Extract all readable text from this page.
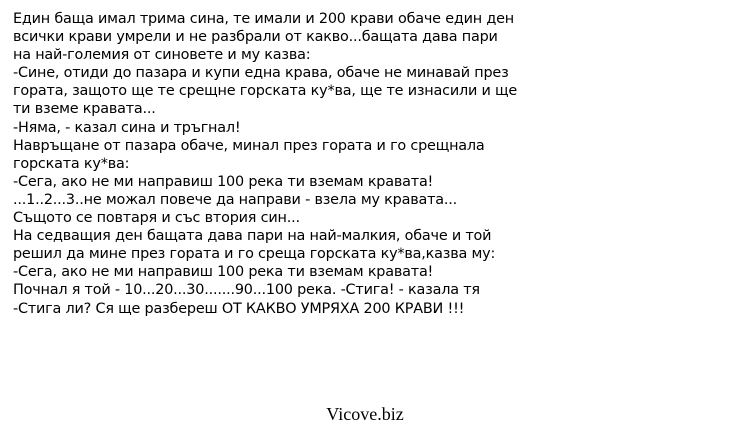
Един баща имал трима сина, те имали и 200 крави обаче един ден
всички крави умрели и не разбрали от какво...бащата дава пари
на най-големия от синовете и му казва:
-Сине, отиди до пазара и купи една крава, обаче не минавай през
гората, защото ще те срещне горската ку*ва, ще те изнасили и ще
ти вземе кравата...
-Няма, - казал сина и тръгнал!
Навръщане от пазара обаче, минал през гората и го срещнала
горската ку*ва:
-Сега, ако не ми направиш 100 река ти вземам кравата!
...1..2...3..не можал повече да направи - взела му кравата...
Същото се повтаря и със втория син...
На седващия ден бащата дава пари на най-малкия, обаче и той
решил да мине през гората и го среща горската ку*ва,казва му:
-Сега, ако не ми направиш 100 река ти вземам кравата!
Почнал я той - 10...20...30.......90...100 река. -Стига! - казала тя
-Стига ли? Ся ще разбереш ОТ КАКВО УМРЯХА 200 КРАВИ !!!
Vicove.biz
